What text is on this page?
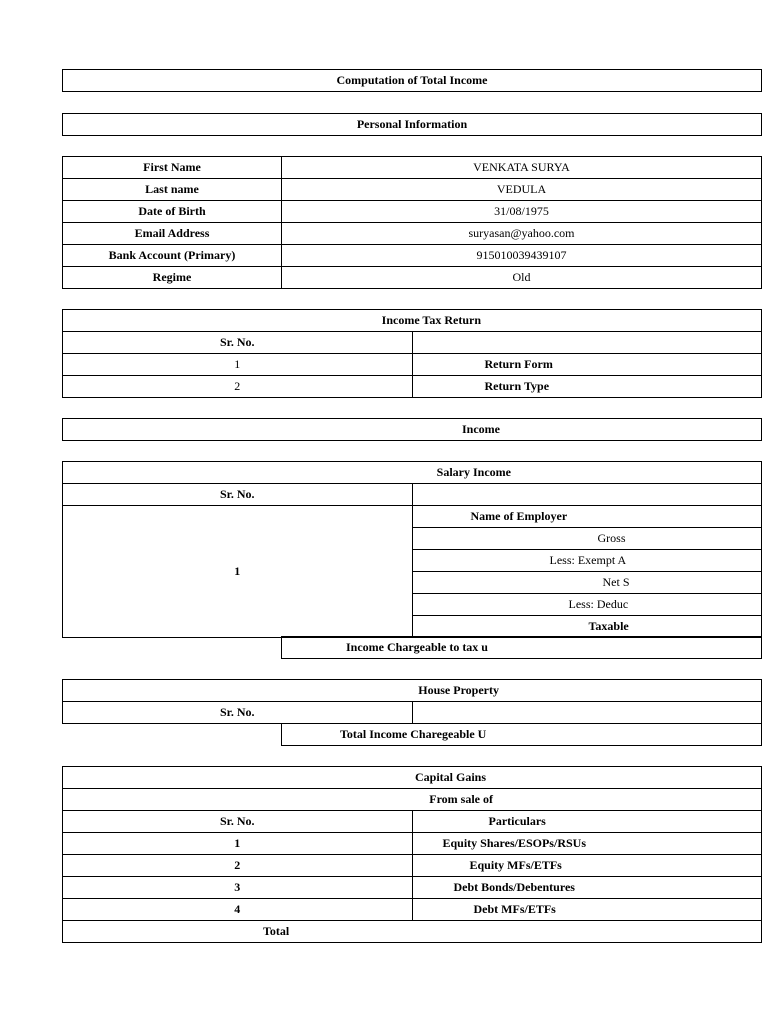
Computation of Total Income
Personal Information
First Name	VENKATA SURYA
Last name	VEDULA
Date of Birth	31/08/1975
Email Address	suryasan@yahoo.com
Bank Account (Primary)	915010039439107
Regime	Old
Income Tax Return	
Sr. No.	
1	Return Form
2	Return Type
Income
Salary Income	
Sr. No.	
1	Name of Employer
	Gross
	Less: Exempt A
	Net S
	Less: Deduc
	Taxable
Income Chargeable to tax u
House Property
Sr. No.	
Total Income Charegeable U
Capital Gains	
From sale of	
Sr. No.	Particulars
1	Equity Shares/ESOPs/RSUs
2	Equity MFs/ETFs
3	Debt Bonds/Debentures
4	Debt MFs/ETFs
Total	
